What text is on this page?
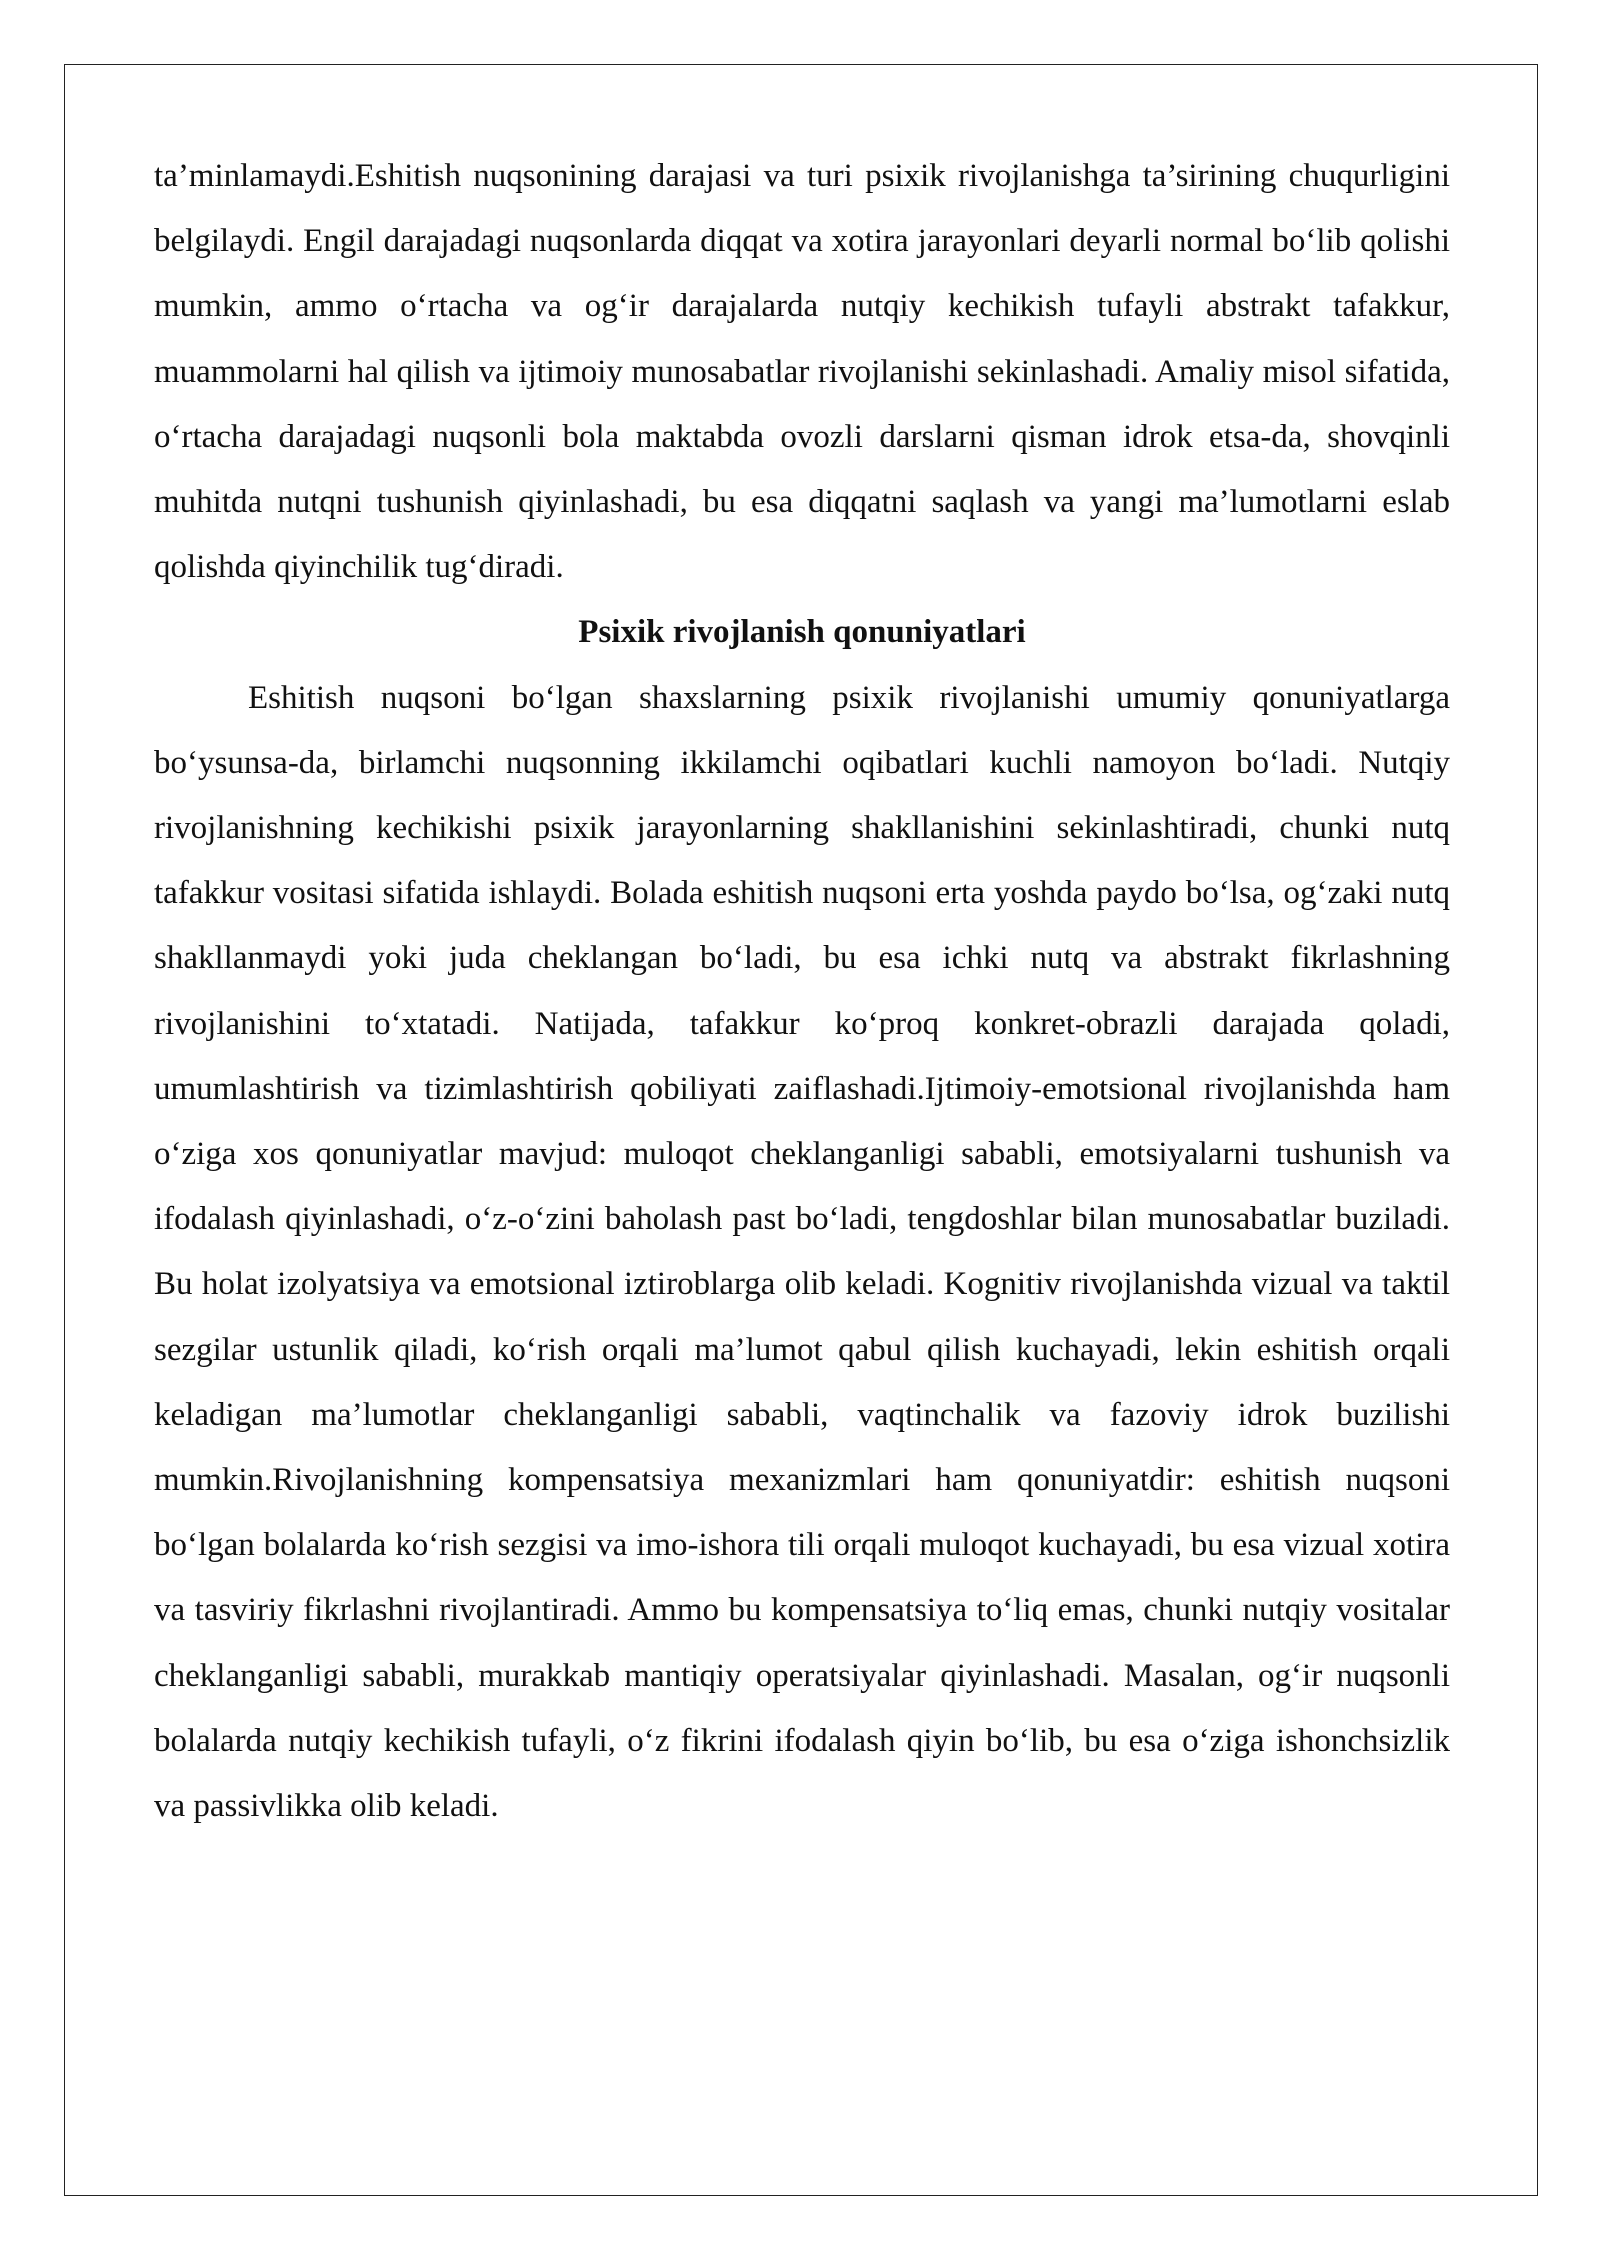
ta’minlamaydi.Eshitish nuqsonining darajasi va turi psixik rivojlanishga ta’sirining chuqurligini belgilaydi. Engil darajadagi nuqsonlarda diqqat va xotira jarayonlari deyarli normal bo‘lib qolishi mumkin, ammo o‘rtacha va og‘ir darajalarda nutqiy kechikish tufayli abstrakt tafakkur, muammolarni hal qilish va ijtimoiy munosabatlar rivojlanishi sekinlashadi. Amaliy misol sifatida, o‘rtacha darajadagi nuqsonli bola maktabda ovozli darslarni qisman idrok etsa-da, shovqinli muhitda nutqni tushunish qiyinlashadi, bu esa diqqatni saqlash va yangi ma’lumotlarni eslab qolishda qiyinchilik tug‘diradi.

Psixik rivojlanish qonuniyatlari

Eshitish nuqsoni bo‘lgan shaxslarning psixik rivojlanishi umumiy qonuniyatlarga bo‘ysunsa-da, birlamchi nuqsonning ikkilamchi oqibatlari kuchli namoyon bo‘ladi. Nutqiy rivojlanishning kechikishi psixik jarayonlarning shakllanishini sekinlashtiradi, chunki nutq tafakkur vositasi sifatida ishlaydi. Bolada eshitish nuqsoni erta yoshda paydo bo‘lsa, og‘zaki nutq shakllanmaydi yoki juda cheklangan bo‘ladi, bu esa ichki nutq va abstrakt fikrlashning rivojlanishini to‘xtatadi. Natijada, tafakkur ko‘proq konkret-obrazli darajada qoladi, umumlashtirish va tizimlashtirish qobiliyati zaiflashadi.Ijtimoiy-emotsional rivojlanishda ham o‘ziga xos qonuniyatlar mavjud: muloqot cheklanganligi sababli, emotsiyalarni tushunish va ifodalash qiyinlashadi, o‘z-o‘zini baholash past bo‘ladi, tengdoshlar bilan munosabatlar buziladi. Bu holat izolyatsiya va emotsional iztiroblarga olib keladi. Kognitiv rivojlanishda vizual va taktil sezgilar ustunlik qiladi, ko‘rish orqali ma’lumot qabul qilish kuchayadi, lekin eshitish orqali keladigan ma’lumotlar cheklanganligi sababli, vaqtinchalik va fazoviy idrok buzilishi mumkin.Rivojlanishning kompensatsiya mexanizmlari ham qonuniyatdir: eshitish nuqsoni bo‘lgan bolalarda ko‘rish sezgisi va imo-ishora tili orqali muloqot kuchayadi, bu esa vizual xotira va tasviriy fikrlashni rivojlantiradi. Ammo bu kompensatsiya to‘liq emas, chunki nutqiy vositalar cheklanganligi sababli, murakkab mantiqiy operatsiyalar qiyinlashadi. Masalan, og‘ir nuqsonli bolalarda nutqiy kechikish tufayli, o‘z fikrini ifodalash qiyin bo‘lib, bu esa o‘ziga ishonchsizlik va passivlikka olib keladi.
